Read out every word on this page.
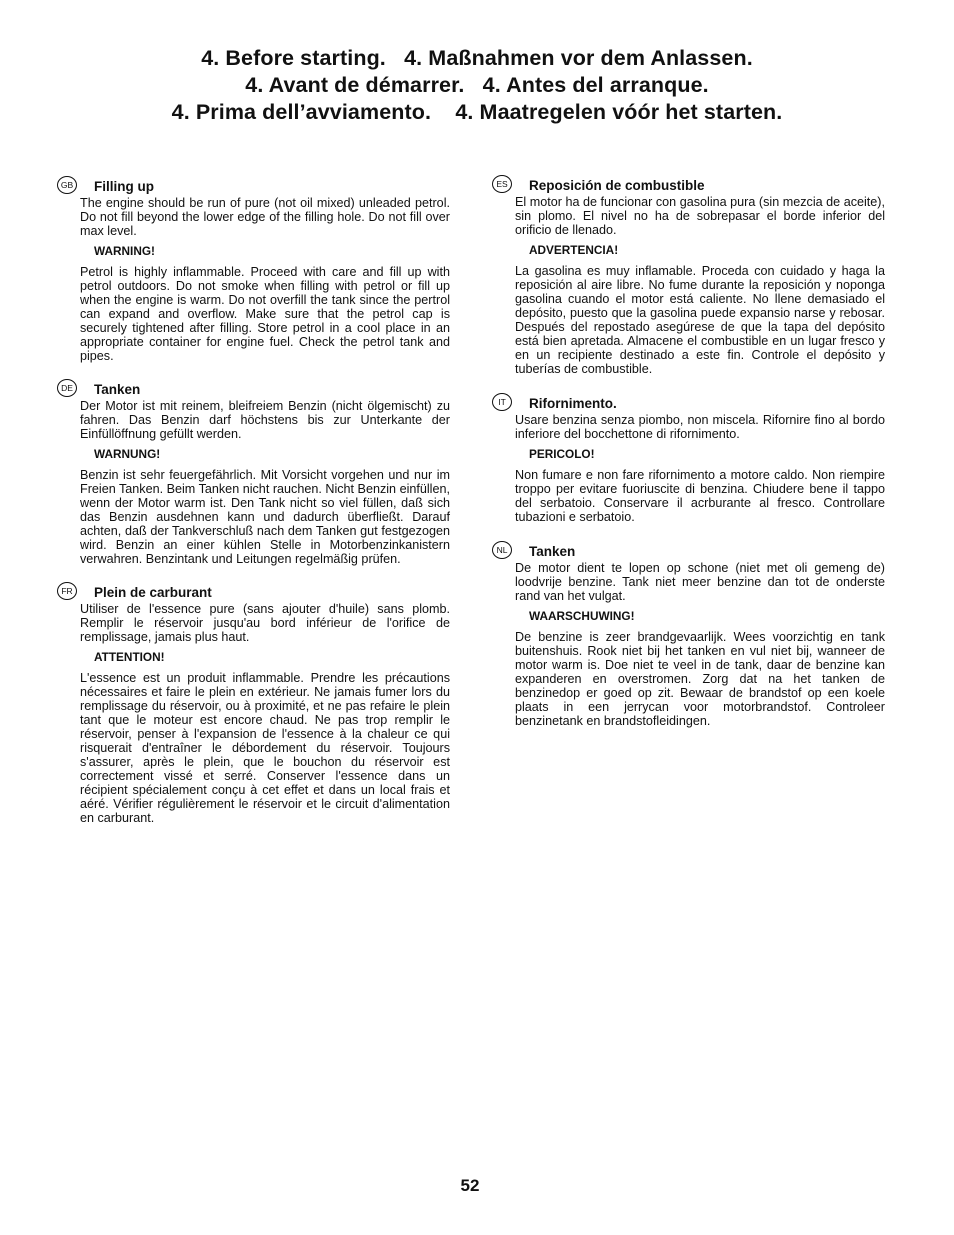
4. Before starting.   4. Maßnahmen vor dem Anlassen.
4. Avant de démarrer.   4. Antes del arranque.
4. Prima dell’avviamento.    4. Maatregelen vóór het starten.
GB Filling up

The engine should be run of pure (not oil mixed) unleaded petrol. Do not fill beyond the lower edge of the filling hole. Do not fill over max level.

WARNING!

Petrol is highly inflammable. Proceed with care and fill up with petrol outdoors. Do not smoke when filling with petrol or fill up when the engine is warm. Do not overfill the tank since the pertrol can expand and overflow. Make sure that the petrol cap is securely tightened after filling. Store petrol in a cool place in an appropriate container for engine fuel. Check the petrol tank and pipes.

DE	Tanken

Der Motor ist mit reinem, bleifreiem Benzin (nicht ölgemischt) zu fahren. Das Benzin darf höchstens bis zur Unterkante der Einfüllöffnung gefüllt werden.

WARNUNG!

Benzin ist sehr feuergefährlich. Mit Vorsicht vorgehen und nur im Freien Tanken. Beim Tanken nicht rauchen. Nicht Benzin einfüllen, wenn der Motor warm ist. Den Tank nicht so viel füllen, daß sich das Benzin ausdehnen kann und dadurch überfließt. Darauf achten, daß der Tankverschluß nach dem Tanken gut festgezogen wird. Benzin an einer kühlen Stelle in Motorbenzinkanistern verwahren. Benzintank und Leitungen regelmäßig prüfen.

FR	Plein de carburant

Utiliser de l'essence pure (sans ajouter d'huile) sans plomb. Remplir le réservoir jusqu'au bord inférieur de l'orifice de remplissage, jamais plus haut.

ATTENTION!

L'essence est un produit inflammable. Prendre les précautions nécessaires et faire le plein en extérieur. Ne jamais fumer lors du remplissage du réservoir, ou à proximité, et ne pas refaire le plein tant que le moteur est encore chaud. Ne pas trop remplir le réservoir, penser à l'expansion de l'essence à la chaleur ce qui risquerait d'entraîner le débordement du réservoir. Toujours s'assurer, après le plein, que le bouchon du réservoir est correctement vissé et serré. Conserver l'essence dans un récipient spécialement conçu à cet effet et dans un local frais et aéré. Vérifier régulièrement le réservoir et le circuit d'alimentation en carburant.

ES	Reposición de combustible

El motor ha de funcionar con gasolina pura (sin mezcia de aceite), sin plomo. El nivel no ha de sobrepasar el borde inferior del orificio de llenado.

ADVERTENCIA!

La gasolina es muy inflamable. Proceda con cuidado y haga la reposición al aire libre. No fume durante la reposición y noponga gasolina cuando el motor está caliente. No llene demasiado el depósito, puesto que la gasolina puede expansio narse y rebosar. Después del repostado asegúrese de que la tapa del depósito está bien apretada. Almacene el combustible en un lugar fresco y en un recipiente destinado a este fin. Controle el depósito y tuberías de combustible.

IT	Rifornimento.

Usare benzina senza piombo, non miscela. Rifornire fino al bordo inferiore del bocchettone di rifornimento.

PERICOLO!

Non fumare e non fare rifornimento a motore caldo. Non riempire troppo per evitare fuoriuscite di benzina. Chiudere bene il tappo del serbatoio. Conservare il acrburante al fresco. Controllare tubazioni e serbatoio.

NL	Tanken

De motor dient te lopen op schone (niet met oli gemeng de) loodvrije benzine. Tank niet meer benzine dan tot de onderste rand van het vulgat.

WAARSCHUWING!

De benzine is zeer brandgevaarlijk. Wees voorzichtig en tank buitenshuis. Rook niet bij het tanken en vul niet bij, wanneer de motor warm is. Doe niet te veel in de tank, daar de benzine kan expanderen en overstromen. Zorg dat na het tanken de benzinedop er goed op zit. Bewaar de brandstof op een koele plaats in een jerrycan voor motorbrandstof. Controleer benzinetank en brandstofleidingen.

52
